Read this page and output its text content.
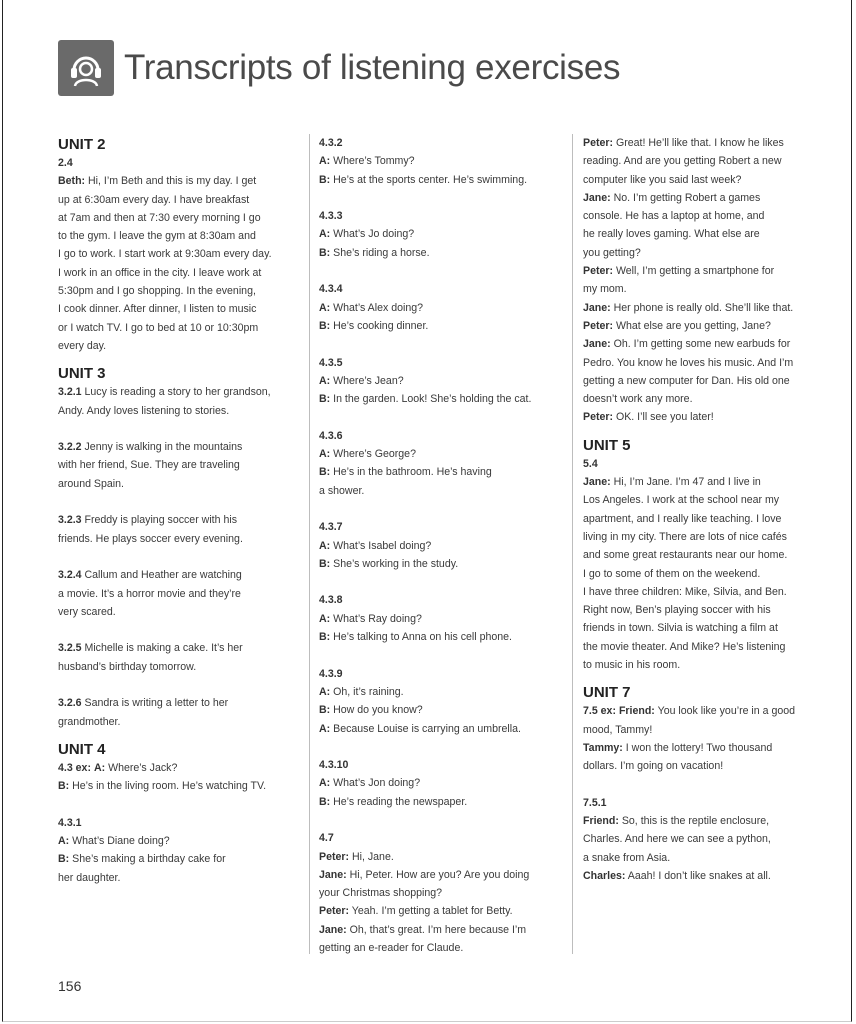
Transcripts of listening exercises
UNIT 2
2.4
Beth: Hi, I’m Beth and this is my day. I get
up at 6:30am every day. I have breakfast
at 7am and then at 7:30 every morning I go
to the gym. I leave the gym at 8:30am and
I go to work. I start work at 9:30am every day.
I work in an office in the city. I leave work at
5:30pm and I go shopping. In the evening,
I cook dinner. After dinner, I listen to music
or I watch TV. I go to bed at 10 or 10:30pm
every day.
UNIT 3
3.2.1 Lucy is reading a story to her grandson,
Andy. Andy loves listening to stories.
3.2.2 Jenny is walking in the mountains
with her friend, Sue. They are traveling
around Spain.
3.2.3 Freddy is playing soccer with his
friends. He plays soccer every evening.
3.2.4 Callum and Heather are watching
a movie. It’s a horror movie and they’re
very scared.
3.2.5 Michelle is making a cake. It’s her
husband’s birthday tomorrow.
3.2.6 Sandra is writing a letter to her
grandmother.
UNIT 4
4.3 ex: A: Where’s Jack?
B: He’s in the living room. He’s watching TV.
4.3.1
A: What’s Diane doing?
B: She’s making a birthday cake for
her daughter.
4.3.2
A: Where’s Tommy?
B: He’s at the sports center. He’s swimming.
4.3.3
A: What’s Jo doing?
B: She’s riding a horse.
4.3.4
A: What’s Alex doing?
B: He’s cooking dinner.
4.3.5
A: Where’s Jean?
B: In the garden. Look! She’s holding the cat.
4.3.6
A: Where’s George?
B: He’s in the bathroom. He’s having
a shower.
4.3.7
A: What’s Isabel doing?
B: She’s working in the study.
4.3.8
A: What’s Ray doing?
B: He’s talking to Anna on his cell phone.
4.3.9
A: Oh, it’s raining.
B: How do you know?
A: Because Louise is carrying an umbrella.
4.3.10
A: What’s Jon doing?
B: He’s reading the newspaper.
4.7
Peter: Hi, Jane.
Jane: Hi, Peter. How are you? Are you doing
your Christmas shopping?
Peter: Yeah. I’m getting a tablet for Betty.
Jane: Oh, that’s great. I’m here because I’m
getting an e-reader for Claude.
Peter: Great! He’ll like that. I know he likes
reading. And are you getting Robert a new
computer like you said last week?
Jane: No. I’m getting Robert a games
console. He has a laptop at home, and
he really loves gaming. What else are
you getting?
Peter: Well, I’m getting a smartphone for
my mom.
Jane: Her phone is really old. She’ll like that.
Peter: What else are you getting, Jane?
Jane: Oh. I’m getting some new earbuds for
Pedro. You know he loves his music. And I’m
getting a new computer for Dan. His old one
doesn’t work any more.
Peter: OK. I’ll see you later!
UNIT 5
5.4
Jane: Hi, I’m Jane. I’m 47 and I live in
Los Angeles. I work at the school near my
apartment, and I really like teaching. I love
living in my city. There are lots of nice cafés
and some great restaurants near our home.
I go to some of them on the weekend.
I have three children: Mike, Silvia, and Ben.
Right now, Ben’s playing soccer with his
friends in town. Silvia is watching a film at
the movie theater. And Mike? He’s listening
to music in his room.
UNIT 7
7.5 ex: Friend: You look like you’re in a good
mood, Tammy!
Tammy: I won the lottery! Two thousand
dollars. I’m going on vacation!
7.5.1
Friend: So, this is the reptile enclosure,
Charles. And here we can see a python,
a snake from Asia.
Charles: Aaah! I don’t like snakes at all.
156
